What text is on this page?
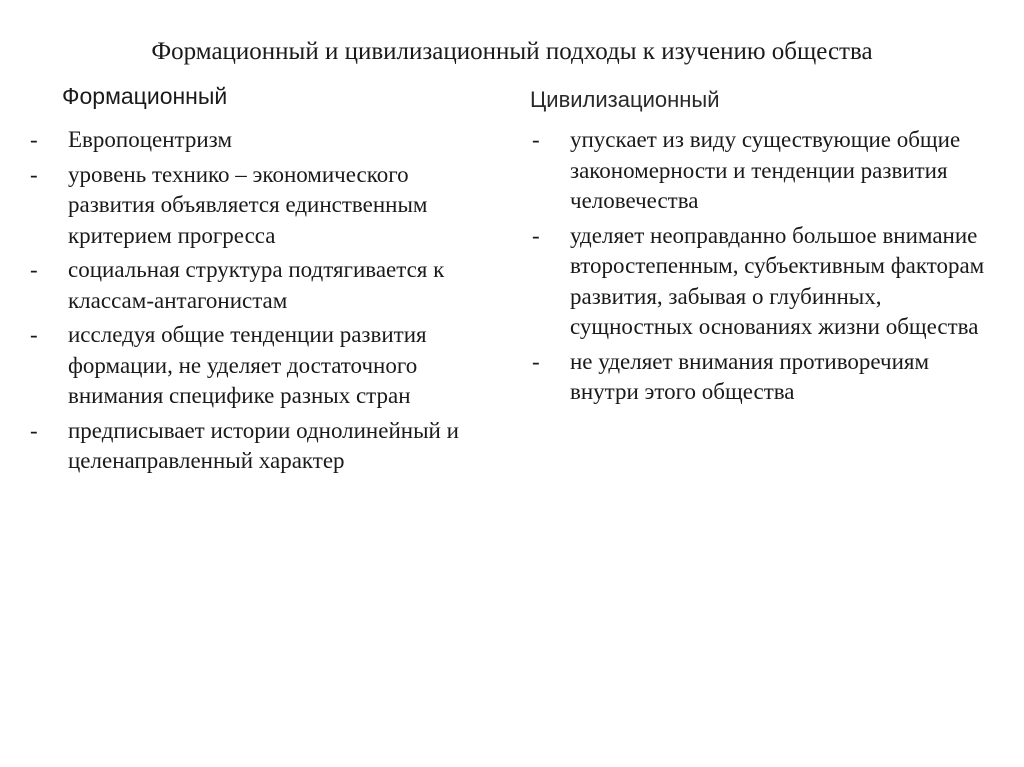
Формационный и цивилизационный подходы к изучению общества
Формационный	Цивилизационный
- Европоцентризм
- уровень технико – экономического развития объявляется единственным критерием прогресса
- социальная структура подтягивается к классам-антагонистам
- исследуя общие тенденции развития формации, не уделяет достаточного внимания специфике разных стран
- предписывает истории однолинейный и целенаправленный характер
- упускает из виду существующие общие закономерности и тенденции развития человечества
- уделяет неоправданно большое внимание второстепенным, субъективным факторам развития, забывая о глубинных, сущностных основаниях жизни общества
- не уделяет внимания противоречиям внутри этого общества
